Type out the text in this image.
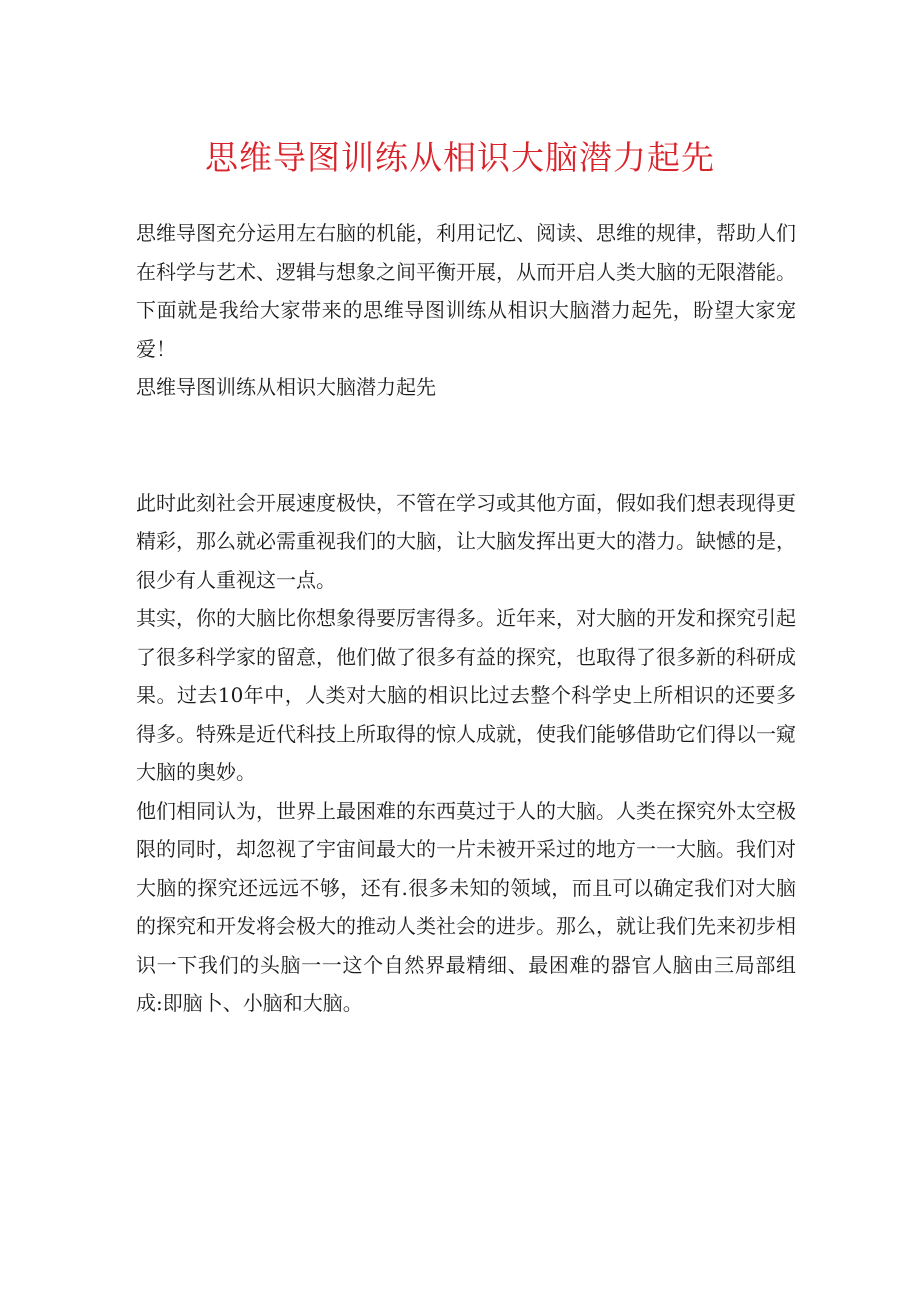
思维导图训练从相识大脑潜力起先

思维导图充分运用左右脑的机能，利用记忆、阅读、思维的规律，帮助人们在科学与艺术、逻辑与想象之间平衡开展，从而开启人类大脑的无限潜能。下面就是我给大家带来的思维导图训练从相识大脑潜力起先，盼望大家宠爱！

思维导图训练从相识大脑潜力起先

此时此刻社会开展速度极快，不管在学习或其他方面，假如我们想表现得更精彩，那么就必需重视我们的大脑，让大脑发挥出更大的潜力。缺憾的是，很少有人重视这一点。

其实，你的大脑比你想象得要厉害得多。近年来，对大脑的开发和探究引起了很多科学家的留意，他们做了很多有益的探究，也取得了很多新的科研成果。过去10年中，人类对大脑的相识比过去整个科学史上所相识的还要多得多。特殊是近代科技上所取得的惊人成就，使我们能够借助它们得以一窥大脑的奥妙。

他们相同认为，世界上最困难的东西莫过于人的大脑。人类在探究外太空极限的同时，却忽视了宇宙间最大的一片未被开采过的地方一一大脑。我们对大脑的探究还远远不够，还有.很多未知的领域，而且可以确定我们对大脑的探究和开发将会极大的推动人类社会的进步。那么，就让我们先来初步相识一下我们的头脑一一这个自然界最精细、最困难的器官人脑由三局部组成:即脑卜、小脑和大脑。
